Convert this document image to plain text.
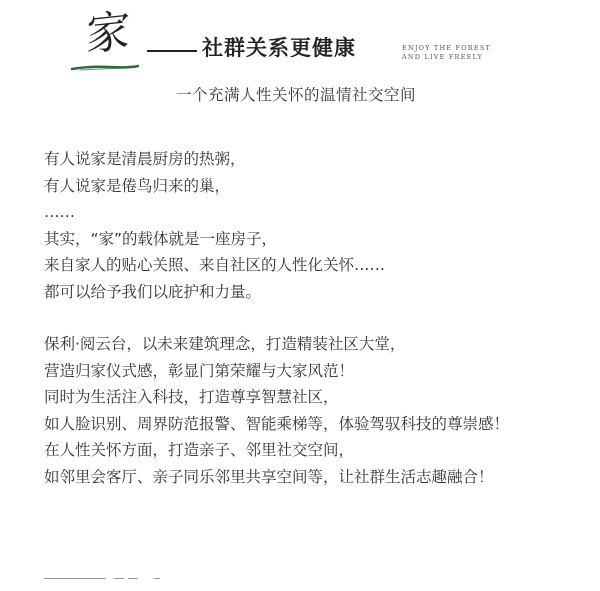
家	社群关系更健康	ENJOY THE FOREST
AND LIVE FREELY
一个充满人性关怀的温情社交空间
有人说家是清晨厨房的热粥，
有人说家是倦鸟归来的巢，
……
其实，“家”的载体就是一座房子，
来自家人的贴心关照、来自社区的人性化关怀……
都可以给予我们以庇护和力量。
保利·阅云台，以未来建筑理念，打造精装社区大堂，
营造归家仪式感，彰显门第荣耀与大家风范！
同时为生活注入科技，打造尊享智慧社区，
如人脸识别、周界防范报警、智能乘梯等，体验驾驭科技的尊崇感！
在人性关怀方面，打造亲子、邻里社交空间，
如邻里会客厅、亲子同乐邻里共享空间等，让社群生活志趣融合！
